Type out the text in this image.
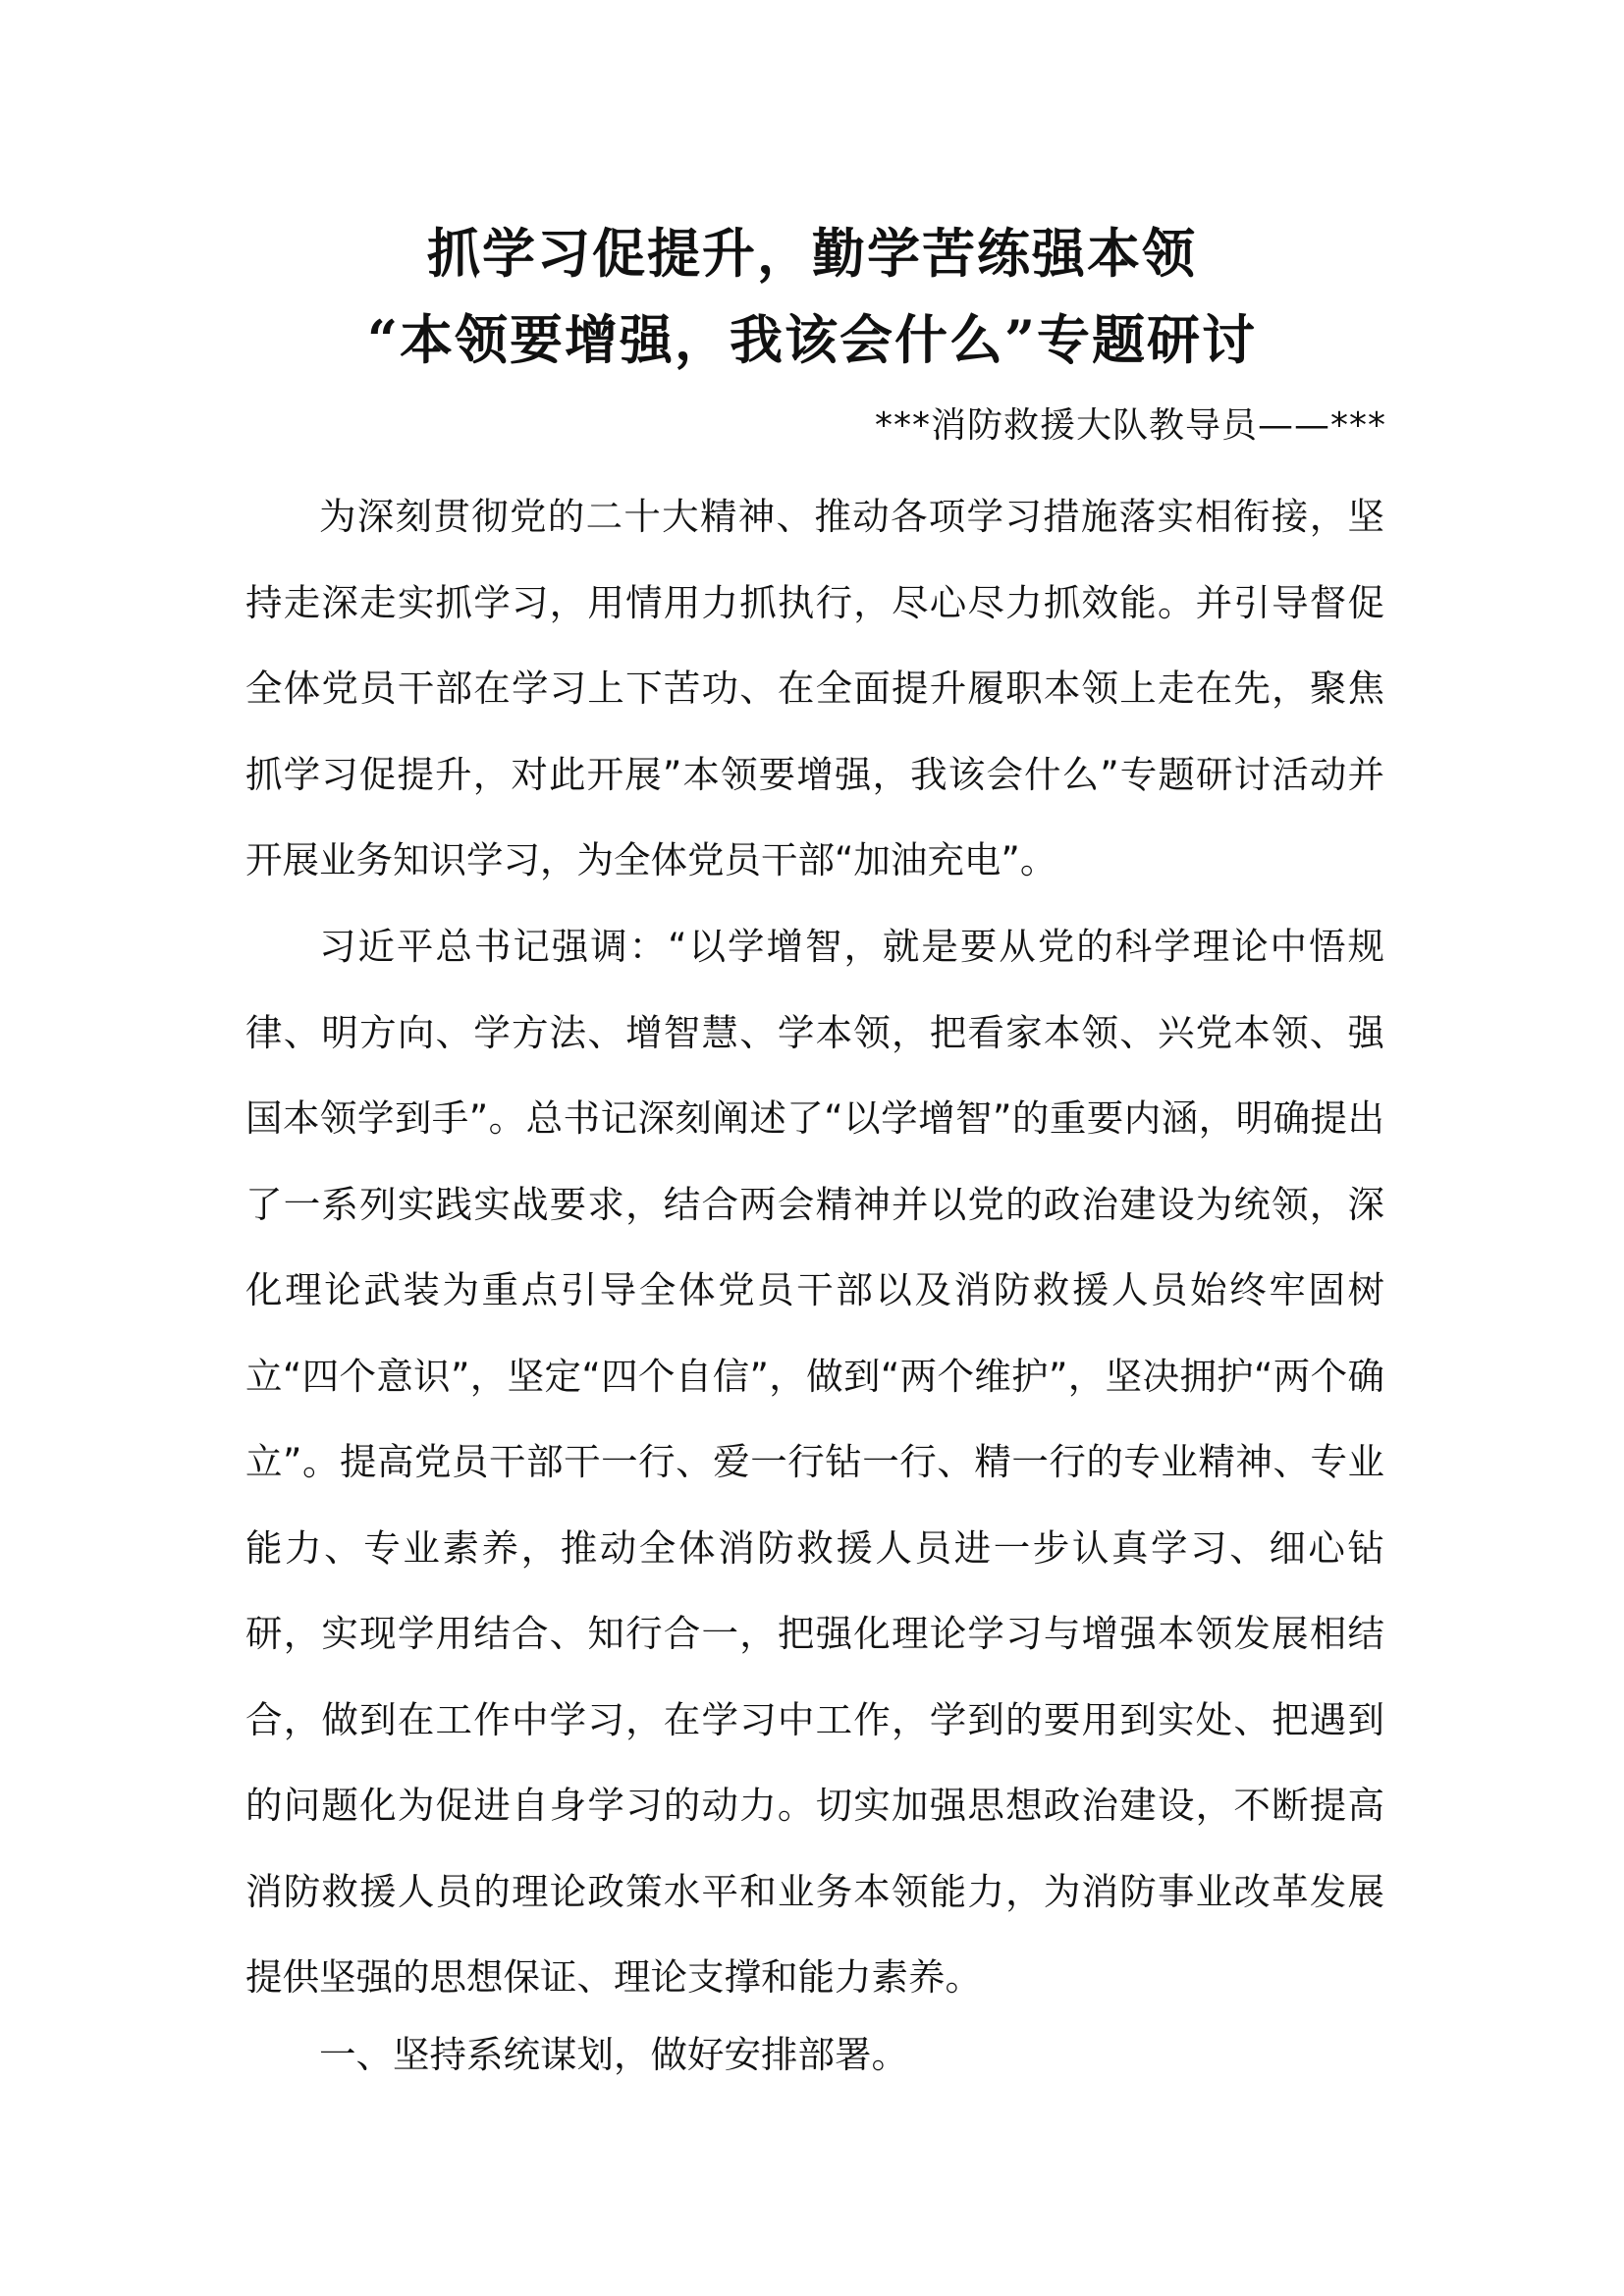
抓学习促提升，勤学苦练强本领
“本领要增强，我该会什么”专题研讨
***消防救援大队教导员——***

为深刻贯彻党的二十大精神、推动各项学习措施落实相衔接，坚持走深走实抓学习，用情用力抓执行，尽心尽力抓效能。并引导督促全体党员干部在学习上下苦功、在全面提升履职本领上走在先，聚焦抓学习促提升，对此开展”本领要增强，我该会什么”专题研讨活动并开展业务知识学习，为全体党员干部“加油充电”。

习近平总书记强调：“以学增智，就是要从党的科学理论中悟规律、明方向、学方法、增智慧、学本领，把看家本领、兴党本领、强国本领学到手”。总书记深刻阐述了“以学增智”的重要内涵，明确提出了一系列实践实战要求，结合两会精神并以党的政治建设为统领，深化理论武装为重点引导全体党员干部以及消防救援人员始终牢固树立“四个意识”，坚定“四个自信”，做到“两个维护”，坚决拥护“两个确立”。提高党员干部干一行、爱一行钻一行、精一行的专业精神、专业能力、专业素养，推动全体消防救援人员进一步认真学习、细心钻研，实现学用结合、知行合一，把强化理论学习与增强本领发展相结合，做到在工作中学习，在学习中工作，学到的要用到实处、把遇到的问题化为促进自身学习的动力。切实加强思想政治建设，不断提高消防救援人员的理论政策水平和业务本领能力，为消防事业改革发展提供坚强的思想保证、理论支撑和能力素养。

一、坚持系统谋划，做好安排部署。
